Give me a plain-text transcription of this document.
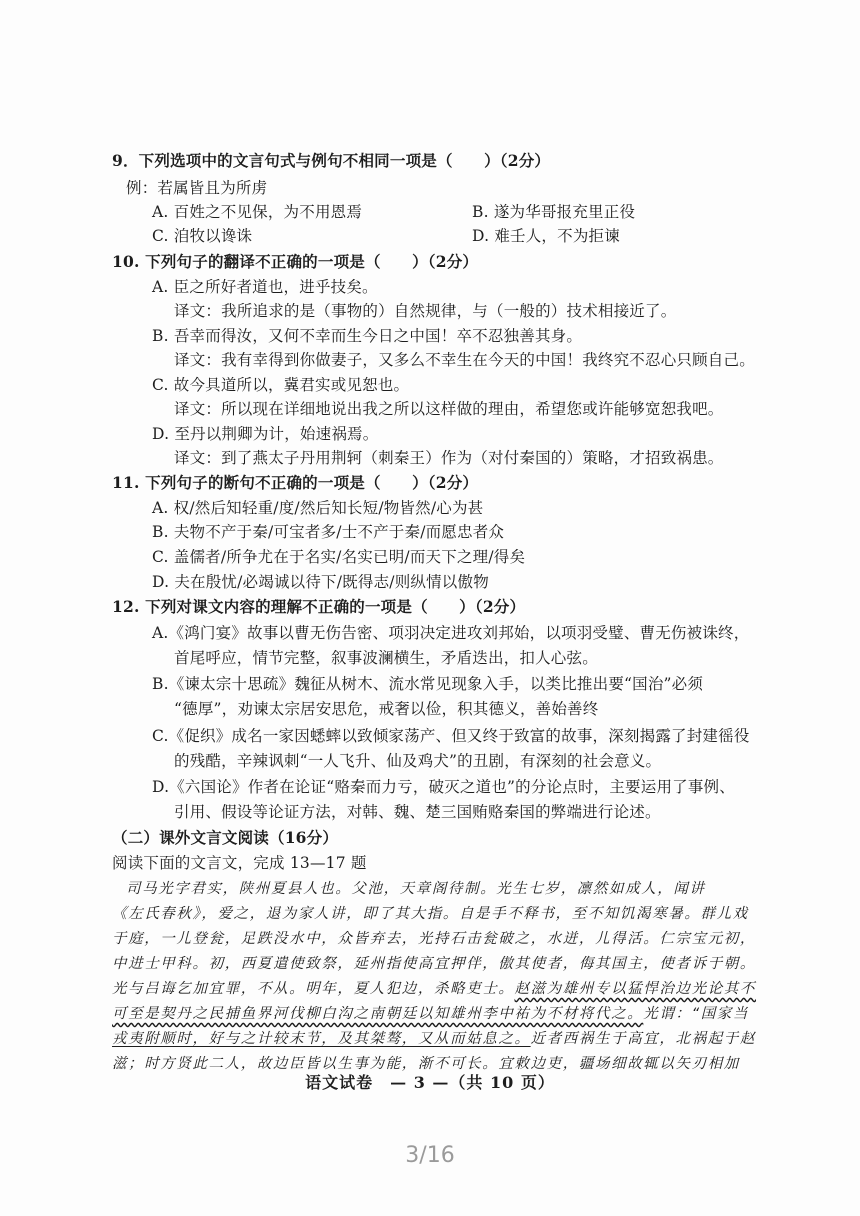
9．下列选项中的文言句式与例句不相同一项是（　　）（2分）
例：若属皆且为所虏
A. 百姓之不见保，为不用恩焉	B. 遂为华哥报充里正役
C. 洎牧以谗诛	D. 难壬人，不为拒谏
10. 下列句子的翻译不正确的一项是（　　）（2分）
A. 臣之所好者道也，进乎技矣。
译文：我所追求的是（事物的）自然规律，与（一般的）技术相接近了。
B. 吾幸而得汝，又何不幸而生今日之中国！卒不忍独善其身。
译文：我有幸得到你做妻子，又多么不幸生在今天的中国！我终究不忍心只顾自己。
C. 故今具道所以，冀君实或见恕也。
译文：所以现在详细地说出我之所以这样做的理由，希望您或许能够宽恕我吧。
D. 至丹以荆卿为计，始速祸焉。
译文：到了燕太子丹用荆轲（刺秦王）作为（对付秦国的）策略，才招致祸患。
11. 下列句子的断句不正确的一项是（　　）（2分）
A. 权/然后知轻重/度/然后知长短/物皆然/心为甚
B. 夫物不产于秦/可宝者多/士不产于秦/而愿忠者众
C. 盖儒者/所争尤在于名实/名实已明/而天下之理/得矣
D. 夫在殷忧/必竭诚以待下/既得志/则纵情以傲物
12. 下列对课文内容的理解不正确的一项是（　　）（2分）
A.《鸿门宴》故事以曹无伤告密、项羽决定进攻刘邦始，以项羽受璧、曹无伤被诛终，
首尾呼应，情节完整，叙事波澜横生，矛盾迭出，扣人心弦。
B.《谏太宗十思疏》魏征从树木、流水常见现象入手，以类比推出要“国治”必须
“德厚”，劝谏太宗居安思危，戒奢以俭，积其德义，善始善终
C.《促织》成名一家因蟋蟀以致倾家荡产、但又终于致富的故事，深刻揭露了封建徭役
的残酷，辛辣讽刺“一人飞升、仙及鸡犬”的丑剧，有深刻的社会意义。
D.《六国论》作者在论证“赂秦而力亏，破灭之道也”的分论点时，主要运用了事例、
引用、假设等论证方法，对韩、魏、楚三国贿赂秦国的弊端进行论述。
（二）课外文言文阅读（16分）
阅读下面的文言文，完成 13—17 题
司马光字君实，陕州夏县人也。父池，天章阁待制。光生七岁，凛然如成人，闻讲
《左氏春秋》，爱之，退为家人讲，即了其大指。自是手不释书，至不知饥渴寒暑。群儿戏
于庭，一儿登瓮，足跌没水中，众皆弃去，光持石击瓮破之，水迸，儿得活。仁宗宝元初，
中进士甲科。初，西夏遣使致祭，延州指使高宜押伴，傲其使者，侮其国主，使者诉于朝。
光与吕诲乞加宜罪，不从。明年，夏人犯边，杀略吏士。赵滋为雄州专以猛悍治边光论其不
可至是契丹之民捕鱼界河伐柳白沟之南朝廷以知雄州李中祐为不材将代之。光谓：“国家当
戎夷附顺时，好与之计较末节，及其桀骜，又从而姑息之。近者西祸生于高宜，北祸起于赵
滋；时方贤此二人，故边臣皆以生事为能，渐不可长。宜敕边吏，疆场细故辄以矢刃相加
语文试卷　— 3 —（共 10 页）
3/16
